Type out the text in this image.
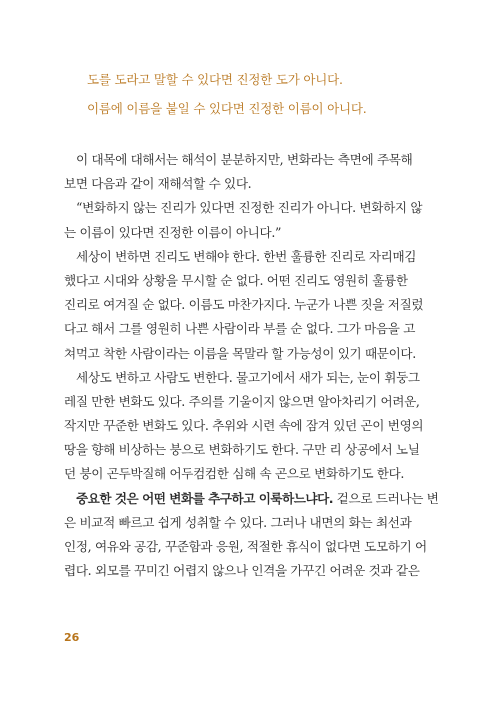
도를 도라고 말할 수 있다면 진정한 도가 아니다.
이름에 이름을 붙일 수 있다면 진정한 이름이 아니다.
이 대목에 대해서는 해석이 분분하지만, 변화라는 측면에 주목해
보면 다음과 같이 재해석할 수 있다.
“변화하지 않는 진리가 있다면 진정한 진리가 아니다. 변화하지 않
는 이름이 있다면 진정한 이름이 아니다.”
세상이 변하면 진리도 변해야 한다. 한번 훌륭한 진리로 자리매김
했다고 시대와 상황을 무시할 순 없다. 어떤 진리도 영원히 훌륭한
진리로 여겨질 순 없다. 이름도 마찬가지다. 누군가 나쁜 짓을 저질렀
다고 해서 그를 영원히 나쁜 사람이라 부를 순 없다. 그가 마음을 고
쳐먹고 착한 사람이라는 이름을 목말라 할 가능성이 있기 때문이다.
세상도 변하고 사람도 변한다. 물고기에서 새가 되는, 눈이 휘둥그
레질 만한 변화도 있다. 주의를 기울이지 않으면 알아차리기 어려운,
작지만 꾸준한 변화도 있다. 추위와 시련 속에 잠겨 있던 곤이 번영의
땅을 향해 비상하는 붕으로 변화하기도 한다. 구만 리 상공에서 노닐
던 붕이 곤두박질해 어두컴컴한 심해 속 곤으로 변화하기도 한다.
중요한 것은 어떤 변화를 추구하고 이룩하느냐다. 겉으로 드러나는 변
은 비교적 빠르고 쉽게 성취할 수 있다. 그러나 내면의 화는 최선과
인정, 여유와 공감, 꾸준함과 응원, 적절한 휴식이 없다면 도모하기 어
렵다. 외모를 꾸미긴 어렵지 않으나 인격을 가꾸긴 어려운 것과 같은
26
